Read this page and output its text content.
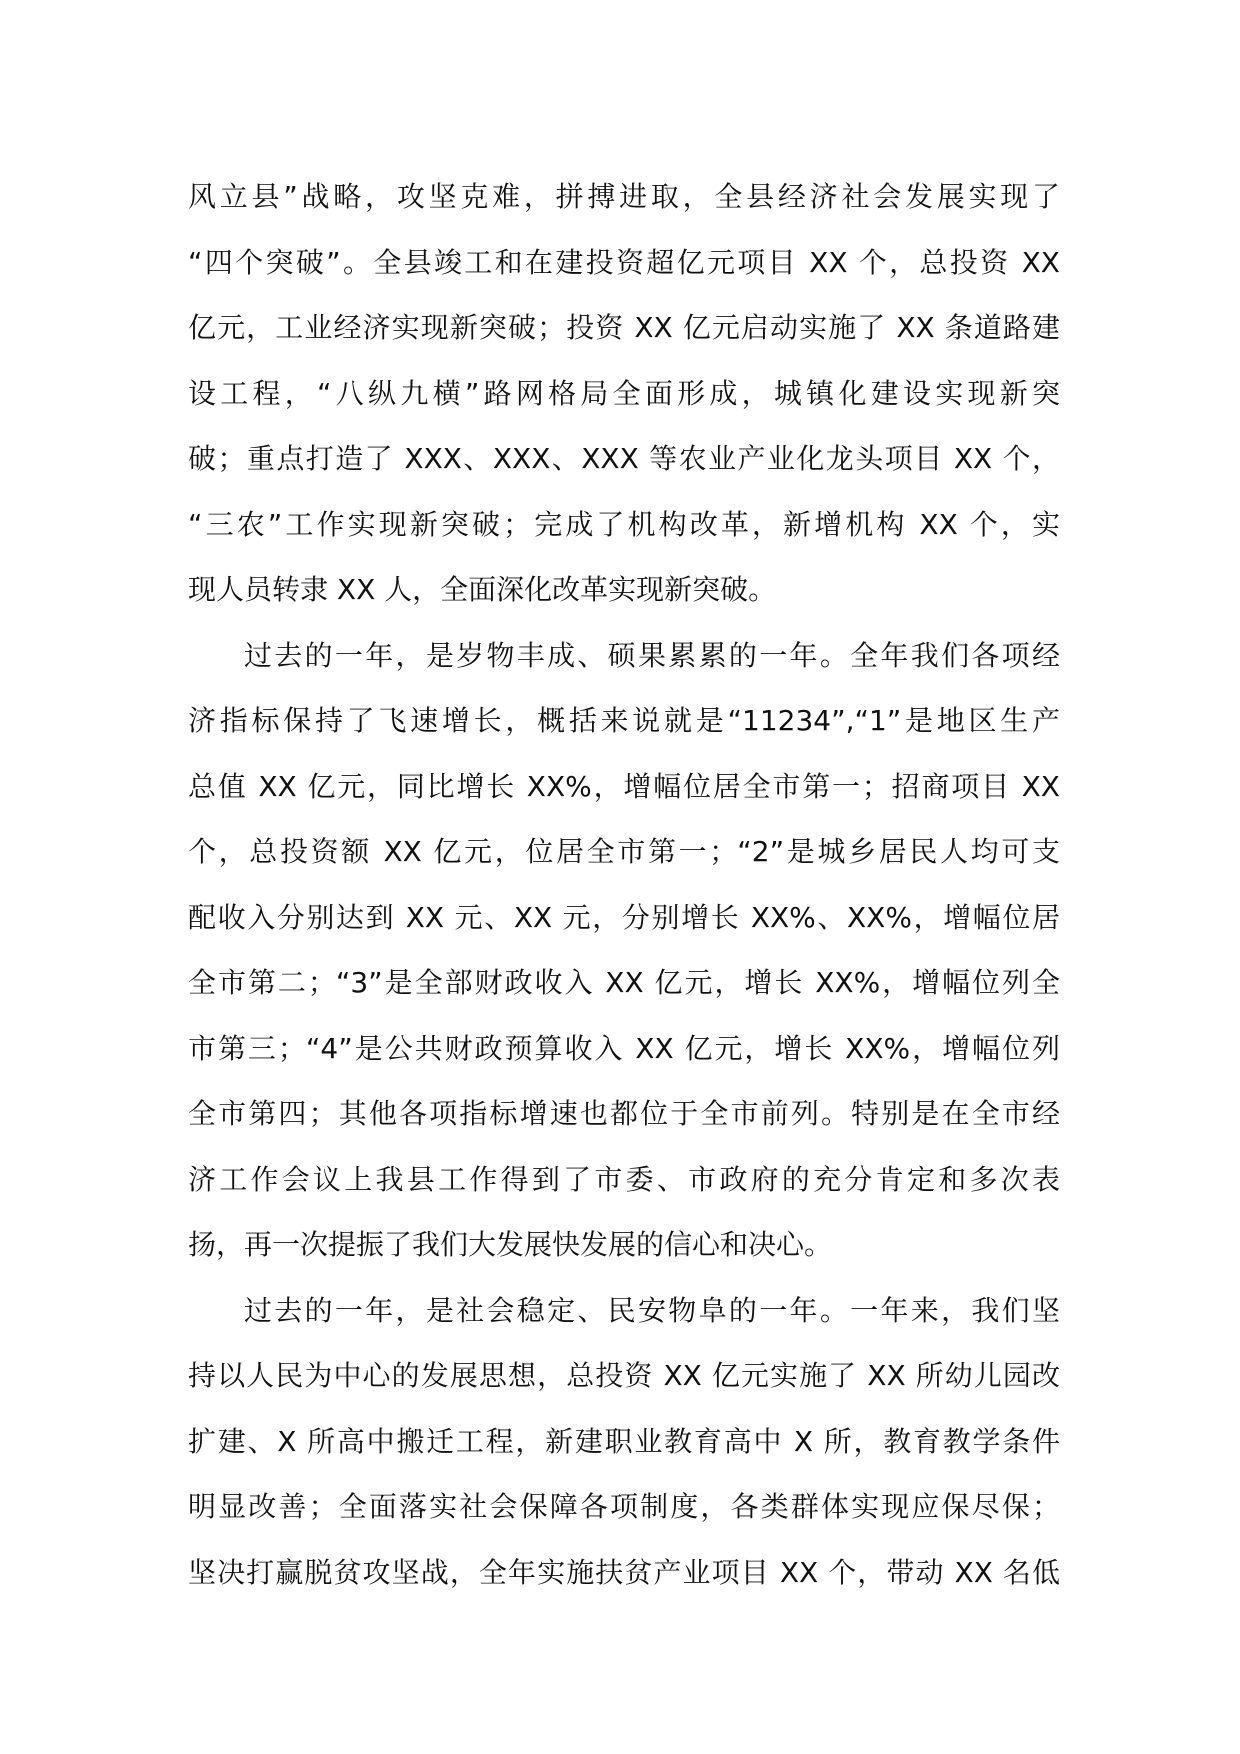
风立县”战略，攻坚克难，拼搏进取，全县经济社会发展实现了
“四个突破”。全县竣工和在建投资超亿元项目 XX 个，总投资 XX
亿元，工业经济实现新突破；投资 XX 亿元启动实施了 XX 条道路建
设工程，“八纵九横”路网格局全面形成，城镇化建设实现新突
破；重点打造了 XXX、XXX、XXX 等农业产业化龙头项目 XX 个，
“三农”工作实现新突破；完成了机构改革，新增机构 XX 个，实
现人员转隶 XX 人，全面深化改革实现新突破。
过去的一年，是岁物丰成、硕果累累的一年。全年我们各项经
济指标保持了飞速增长，概括来说就是“11234”,“1”是地区生产
总值 XX 亿元，同比增长 XX%，增幅位居全市第一；招商项目 XX
个，总投资额 XX 亿元，位居全市第一；“2”是城乡居民人均可支
配收入分别达到 XX 元、XX 元，分别增长 XX%、XX%，增幅位居
全市第二；“3”是全部财政收入 XX 亿元，增长 XX%，增幅位列全
市第三；“4”是公共财政预算收入 XX 亿元，增长 XX%，增幅位列
全市第四；其他各项指标增速也都位于全市前列。特别是在全市经
济工作会议上我县工作得到了市委、市政府的充分肯定和多次表
扬，再一次提振了我们大发展快发展的信心和决心。
过去的一年，是社会稳定、民安物阜的一年。一年来，我们坚
持以人民为中心的发展思想，总投资 XX 亿元实施了 XX 所幼儿园改
扩建、X 所高中搬迁工程，新建职业教育高中 X 所，教育教学条件
明显改善；全面落实社会保障各项制度，各类群体实现应保尽保；
坚决打赢脱贫攻坚战，全年实施扶贫产业项目 XX 个，带动 XX 名低
